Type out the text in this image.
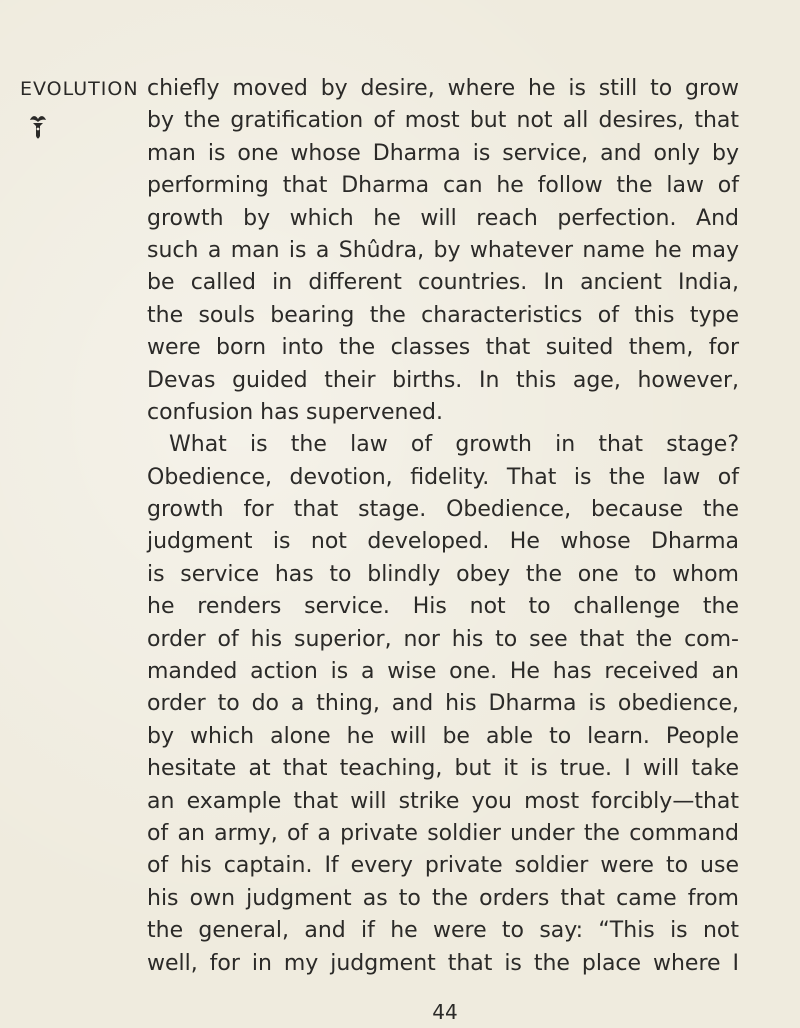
EVOLUTION chiefly moved by desire, where he is still to grow
by the gratification of most but not all desires, that
man is one whose Dharma is service, and only by
performing that Dharma can he follow the law of
growth by which he will reach perfection. And
such a man is a Shûdra, by whatever name he may
be called in different countries. In ancient India,
the souls bearing the characteristics of this type
were born into the classes that suited them, for
Devas guided their births. In this age, however,
confusion has supervened.
What is the law of growth in that stage?
Obedience, devotion, fidelity. That is the law of
growth for that stage. Obedience, because the
judgment is not developed. He whose Dharma
is service has to blindly obey the one to whom
he renders service. His not to challenge the
order of his superior, nor his to see that the com-
manded action is a wise one. He has received an
order to do a thing, and his Dharma is obedience,
by which alone he will be able to learn. People
hesitate at that teaching, but it is true. I will take
an example that will strike you most forcibly—that
of an army, of a private soldier under the command
of his captain. If every private soldier were to use
his own judgment as to the orders that came from
the general, and if he were to say: “This is not
well, for in my judgment that is the place where I
44
